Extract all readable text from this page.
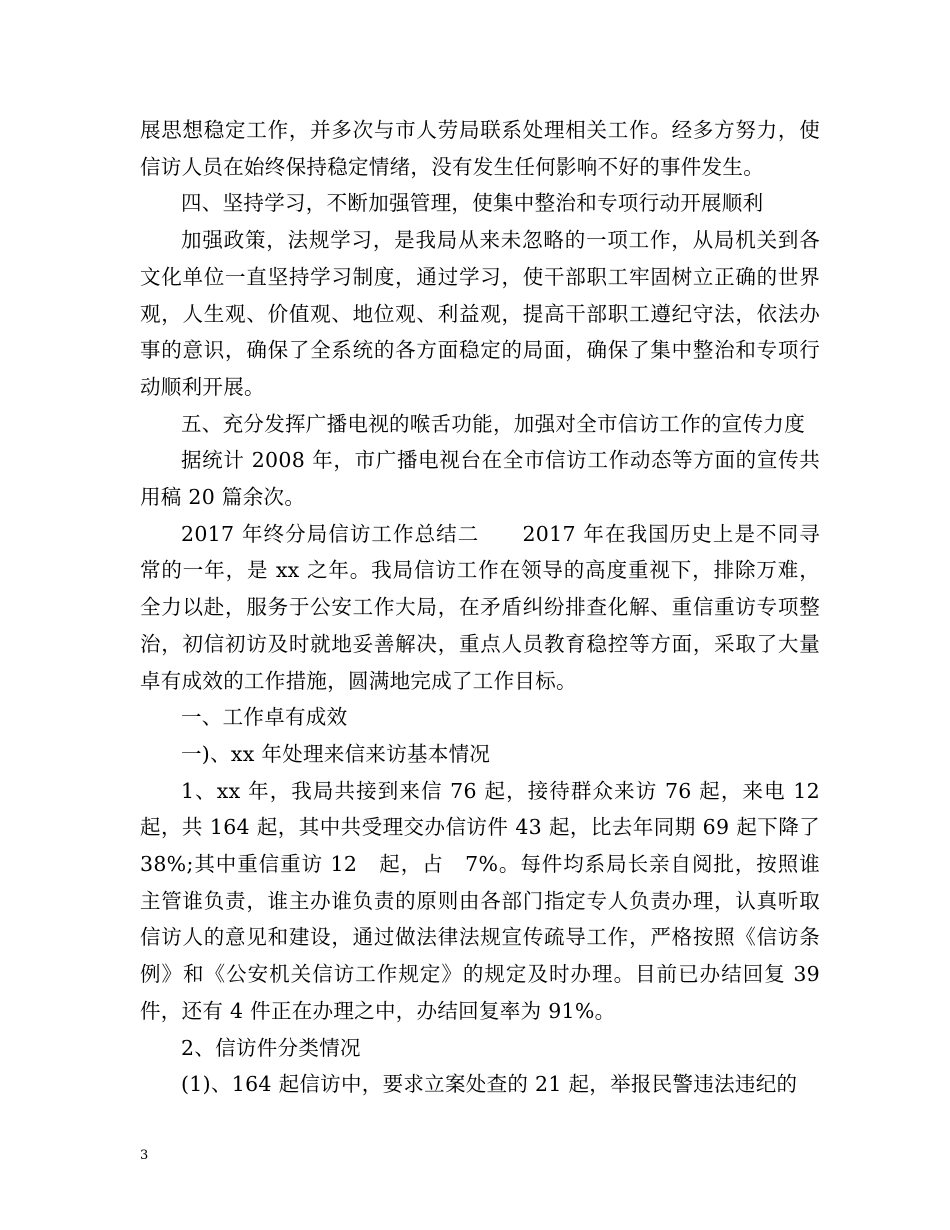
展思想稳定工作，并多次与市人劳局联系处理相关工作。经多方努力，使信访人员在始终保持稳定情绪，没有发生任何影响不好的事件发生。

四、坚持学习，不断加强管理，使集中整治和专项行动开展顺利

加强政策，法规学习，是我局从来未忽略的一项工作，从局机关到各文化单位一直坚持学习制度，通过学习，使干部职工牢固树立正确的世界观，人生观、价值观、地位观、利益观，提高干部职工遵纪守法，依法办事的意识，确保了全系统的各方面稳定的局面，确保了集中整治和专项行动顺利开展。

五、充分发挥广播电视的喉舌功能，加强对全市信访工作的宣传力度

据统计 2008 年，市广播电视台在全市信访工作动态等方面的宣传共用稿 20 篇余次。

2017 年终分局信访工作总结二　　2017 年在我国历史上是不同寻常的一年，是 xx 之年。我局信访工作在领导的高度重视下，排除万难，全力以赴，服务于公安工作大局，在矛盾纠纷排查化解、重信重访专项整治，初信初访及时就地妥善解决，重点人员教育稳控等方面，采取了大量卓有成效的工作措施，圆满地完成了工作目标。

一、工作卓有成效

一)、xx 年处理来信来访基本情况

1、xx 年，我局共接到来信 76 起，接待群众来访 76 起，来电 12 起，共 164 起，其中共受理交办信访件 43 起，比去年同期 69 起下降了 38%;其中重信重访 12　起，占　7%。每件均系局长亲自阅批，按照谁主管谁负责，谁主办谁负责的原则由各部门指定专人负责办理，认真听取信访人的意见和建设，通过做法律法规宣传疏导工作，严格按照《信访条例》和《公安机关信访工作规定》的规定及时办理。目前已办结回复 39 件，还有 4 件正在办理之中，办结回复率为 91%。

2、信访件分类情况

(1)、164 起信访中，要求立案处查的 21 起，举报民警违法违纪的

3
